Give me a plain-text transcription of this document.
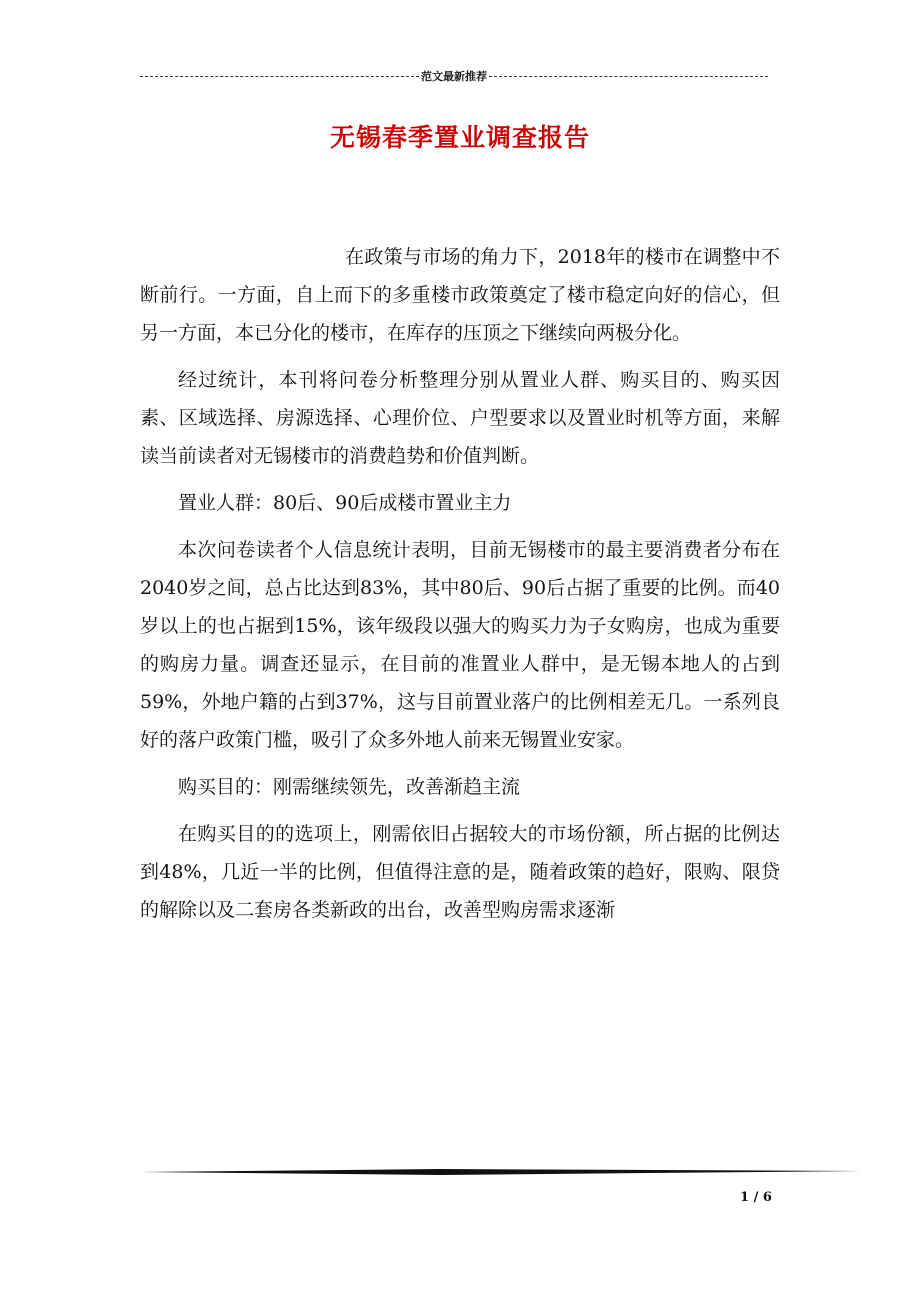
范文最新推荐
无锡春季置业调查报告

在政策与市场的角力下，2018年的楼市在调整中不断前行。一方面，自上而下的多重楼市政策奠定了楼市稳定向好的信心，但另一方面，本已分化的楼市，在库存的压顶之下继续向两极分化。

经过统计，本刊将问卷分析整理分别从置业人群、购买目的、购买因素、区域选择、房源选择、心理价位、户型要求以及置业时机等方面，来解读当前读者对无锡楼市的消费趋势和价值判断。

置业人群：80后、90后成楼市置业主力

本次问卷读者个人信息统计表明，目前无锡楼市的最主要消费者分布在2040岁之间，总占比达到83%，其中80后、90后占据了重要的比例。而40岁以上的也占据到15%，该年级段以强大的购买力为子女购房，也成为重要的购房力量。调查还显示，在目前的准置业人群中，是无锡本地人的占到59%，外地户籍的占到37%，这与目前置业落户的比例相差无几。一系列良好的落户政策门槛，吸引了众多外地人前来无锡置业安家。

购买目的：刚需继续领先，改善渐趋主流

在购买目的的选项上，刚需依旧占据较大的市场份额，所占据的比例达到48%，几近一半的比例，但值得注意的是，随着政策的趋好，限购、限贷的解除以及二套房各类新政的出台，改善型购房需求逐渐

1 / 6
